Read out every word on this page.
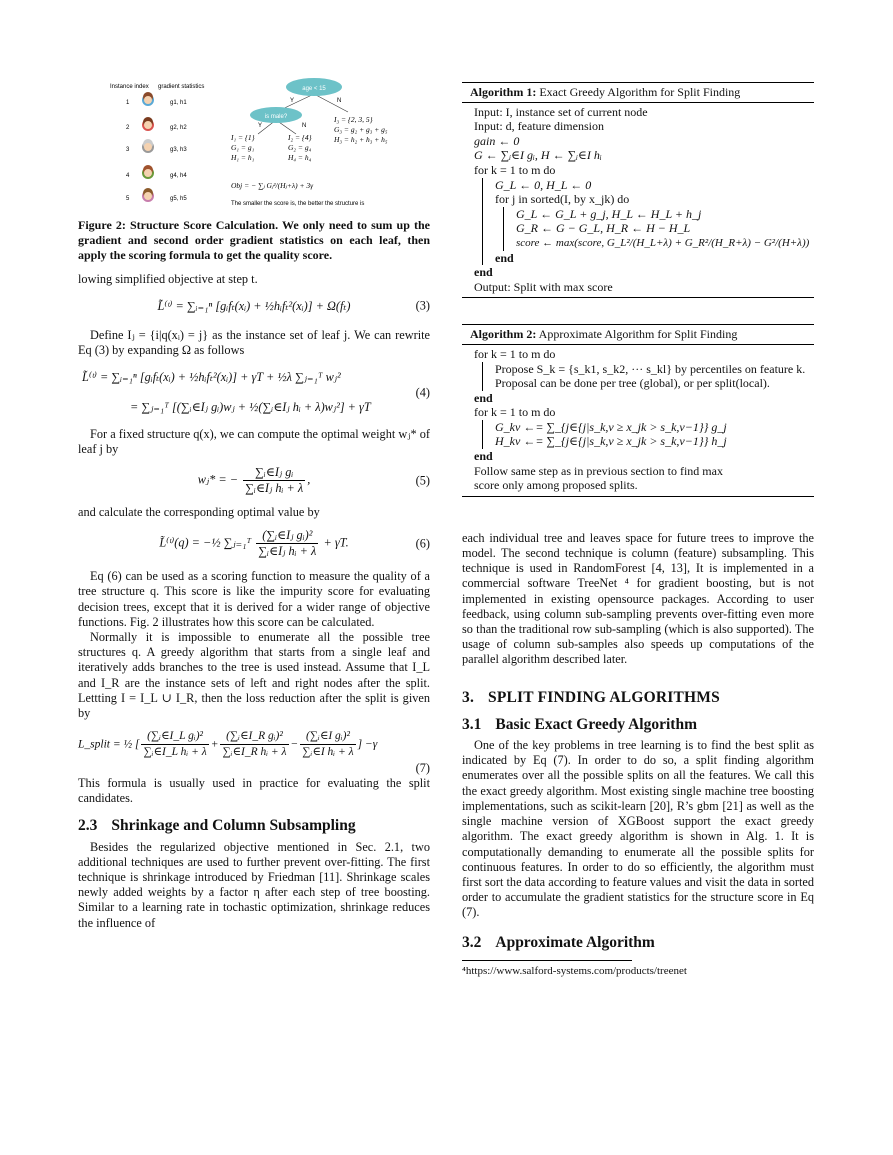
Instance index gradient statistics
1	g1, h1
2	g2, h2
3	g3, h3
4	g4, h4
5	g5, h5
age < 15
Y	N
is male?
Y	N
I₁ = {1}
G₁ = g₁
H₁ = h₁
I₂ = {4}
G₂ = g₄
H₄ = h₄
I₃ = {2, 3, 5}
G₃ = g₂ + g₃ + g₅
H₃ = h₂ + h₃ + h₅
Obj = − ∑ⱼ Gⱼ²/(Hⱼ+λ) + 3γ
The smaller the score is, the better the structure is

Figure 2: Structure Score Calculation. We only need to sum up the gradient and second order gradient statistics on each leaf, then apply the scoring formula to get the quality score.

lowing simplified objective at step t.

L̃⁽ᵗ⁾ = ∑ᵢ₌₁ⁿ [gᵢfₜ(xᵢ) + ½hᵢfₜ²(xᵢ)] + Ω(fₜ)	(3)

Define Iⱼ = {i|q(xᵢ) = j} as the instance set of leaf j. We can rewrite Eq (3) by expanding Ω as follows

L̃⁽ᵗ⁾ = ∑ᵢ₌₁ⁿ [gᵢfₜ(xᵢ) + ½hᵢfₜ²(xᵢ)] + γT + ½λ ∑ⱼ₌₁ᵀ wⱼ²
= ∑ⱼ₌₁ᵀ [(∑ᵢ∈Iⱼ gᵢ)wⱼ + ½(∑ᵢ∈Iⱼ hᵢ + λ)wⱼ²] + γT
(4)

For a fixed structure q(x), we can compute the optimal weight wⱼ* of leaf j by

wⱼ* = − $\frac{\text{∑ᵢ∈Iⱼ gᵢ}}{\text{∑ᵢ∈Iⱼ hᵢ + λ}}$ ,	(5)

and calculate the corresponding optimal value by

L̃⁽ᵗ⁾(q) = −½ ∑ⱼ₌₁ᵀ $\frac{\text{(∑ᵢ∈Iⱼ gᵢ)²}}{\text{∑ᵢ∈Iⱼ hᵢ + λ}} + \gamma T$.	(6)

Eq (6) can be used as a scoring function to measure the quality of a tree structure q. This score is like the impurity score for evaluating decision trees, except that it is derived for a wider range of objective functions. Fig. 2 illustrates how this score can be calculated.

Normally it is impossible to enumerate all the possible tree structures q. A greedy algorithm that starts from a single leaf and iteratively adds branches to the tree is used instead. Assume that I_L and I_R are the instance sets of left and right nodes after the split. Lettting I = I_L ∪ I_R, then the loss reduction after the split is given by

L_split = ½ [ $\frac{\text{(∑ᵢ∈I\_L gᵢ)²}}{\text{∑ᵢ∈I\_L hᵢ + λ}} + \frac{\text{(∑ᵢ∈I\_R gᵢ)²}}{\text{∑ᵢ∈I\_R hᵢ + λ}} - \frac{\text{(∑ᵢ∈I gᵢ)²}}{\text{∑ᵢ∈I hᵢ + λ}}$ ] −γ
(7)

This formula is usually used in practice for evaluating the split candidates.

2.3 Shrinkage and Column Subsampling

Besides the regularized objective mentioned in Sec. 2.1, two additional techniques are used to further prevent over-fitting. The first technique is shrinkage introduced by Friedman [11]. Shrinkage scales newly added weights by a factor η after each step of tree boosting. Similar to a learning rate in tochastic optimization, shrinkage reduces the influence of

Algorithm 1: Exact Greedy Algorithm for Split Finding
Input: I, instance set of current node
Input: d, feature dimension
gain ← 0
G ← ∑ᵢ∈I gᵢ, H ← ∑ᵢ∈I hᵢ
for k = 1 to m do
G_L ← 0, H_L ← 0
for j in sorted(I, by x_jk) do
G_L ← G_L + g_j, H_L ← H_L + h_j
G_R ← G − G_L, H_R ← H − H_L
score ← max(score, G_L²/(H_L+λ) + G_R²/(H_R+λ) − G²/(H+λ))
end
end
Output: Split with max score
Algorithm 2: Approximate Algorithm for Split Finding
for k = 1 to m do
Propose S_k = {s_k1, s_k2, ··· s_kl} by percentiles on feature k.
Proposal can be done per tree (global), or per split(local).
end
for k = 1 to m do
G_kv ←= ∑_{j∈{j|s_k,v ≥ x_jk > s_k,v−1}} g_j
H_kv ←= ∑_{j∈{j|s_k,v ≥ x_jk > s_k,v−1}} h_j
end
Follow same step as in previous section to find max
score only among proposed splits.

each individual tree and leaves space for future trees to improve the model. The second technique is column (feature) subsampling. This technique is used in RandomForest [4, 13], It is implemented in a commercial software TreeNet ⁴ for gradient boosting, but is not implemented in existing opensource packages. According to user feedback, using column sub-sampling prevents over-fitting even more so than the traditional row sub-sampling (which is also supported). The usage of column sub-samples also speeds up computations of the parallel algorithm described later.

3. SPLIT FINDING ALGORITHMS
3.1 Basic Exact Greedy Algorithm

One of the key problems in tree learning is to find the best split as indicated by Eq (7). In order to do so, a split finding algorithm enumerates over all the possible splits on all the features. We call this the exact greedy algorithm. Most existing single machine tree boosting implementations, such as scikit-learn [20], R’s gbm [21] as well as the single machine version of XGBoost support the exact greedy algorithm. The exact greedy algorithm is shown in Alg. 1. It is computationally demanding to enumerate all the possible splits for continuous features. In order to do so efficiently, the algorithm must first sort the data according to feature values and visit the data in sorted order to accumulate the gradient statistics for the structure score in Eq (7).

3.2 Approximate Algorithm
⁴https://www.salford-systems.com/products/treenet
